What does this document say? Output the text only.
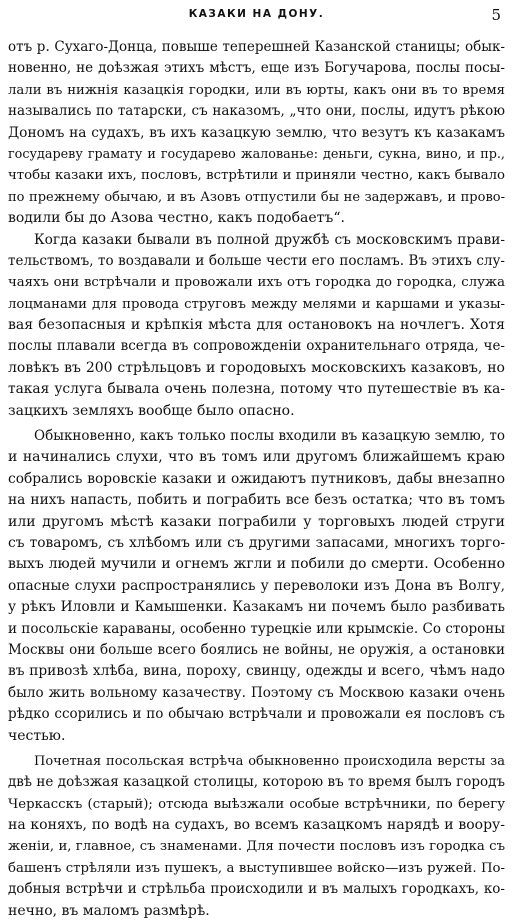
КАЗАКИ НА ДОНУ.	5
отъ р. Сухаго-Донца, повыше теперешней Казанской станицы; обык-
новенно, не доѣзжая этихъ мѣстъ, еще изъ Богучарова, послы посы-
лали въ нижнія казацкія городки, или въ юрты, какъ они въ то время
назывались по татарски, съ наказомъ, „что они, послы, идутъ рѣкою
Дономъ на судахъ, въ ихъ казацкую землю, что везутъ къ казакамъ
государеву грамату и государево жалованье: деньги, сукна, вино, и пр.,
чтобы казаки ихъ, пословъ, встрѣтили и приняли честно, какъ бывало
по прежнему обычаю, и въ Азовъ отпустили бы не задержавъ, и прово-
водили бы до Азова честно, какъ подобаетъ“.
Когда казаки бывали въ полной дружбѣ съ московскимъ прави-
тельствомъ, то воздавали и больше чести его посламъ. Въ этихъ слу-
чаяхъ они встрѣчали и провожали ихъ отъ городка до городка, служа
лоцманами для провода струговъ между мелями и каршами и указы-
вая безопасныя и крѣпкія мѣста для остановокъ на ночлегъ. Хотя
послы плавали всегда въ сопровожденіи охранительнаго отряда, че-
ловѣкъ въ 200 стрѣльцовъ и городовыхъ московскихъ казаковъ, но
такая услуга бывала очень полезна, потому что путешествіе въ ка-
зацкихъ земляхъ вообще было опасно.
Обыкновенно, какъ только послы входили въ казацкую землю, то
и начинались слухи, что въ томъ или другомъ ближайшемъ краю
собрались воровскіе казаки и ожидаютъ путниковъ, дабы внезапно
на нихъ напасть, побить и пограбить все безъ остатка; что въ томъ
или другомъ мѣстѣ казаки пограбили у торговыхъ людей струги
съ товаромъ, съ хлѣбомъ или съ другими запасами, многихъ торго-
выхъ людей мучили и огнемъ жгли и побили до смерти. Особенно
опасные слухи распространялись у переволоки изъ Дона въ Волгу,
у рѣкъ Иловли и Камышенки. Казакамъ ни почемъ было разбивать
и посольскіе караваны, особенно турецкіе или крымскіе. Со стороны
Москвы они больше всего боялись не войны, не оружія, а остановки
въ привозѣ хлѣба, вина, пороху, свинцу, одежды и всего, чѣмъ надо
было жить вольному казачеству. Поэтому съ Москвою казаки очень
рѣдко ссорились и по обычаю встрѣчали и провожали ея пословъ съ
честью.
Почетная посольская встрѣча обыкновенно происходила версты за
двѣ не доѣзжая казацкой столицы, которою въ то время былъ городъ
Черкасскъ (старый); отсюда выѣзжали особые встрѣчники, по берегу
на коняхъ, по водѣ на судахъ, во всемъ казацкомъ нарядѣ и воору-
женіи, и, главное, съ знаменами. Для почести пословъ изъ городка съ
башенъ стрѣляли изъ пушекъ, а выступившее войско—изъ ружей. По-
добныя встрѣчи и стрѣльба происходили и въ малыхъ городкахъ, ко-
нечно, въ маломъ размѣрѣ.
